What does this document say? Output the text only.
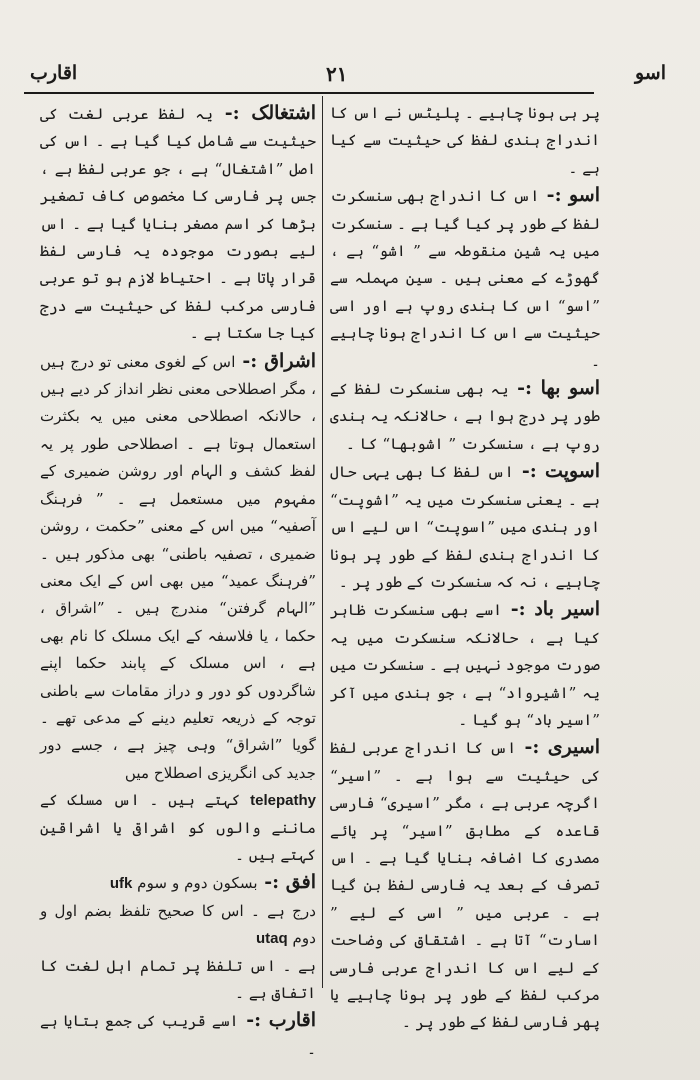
اقارب	۲۱	اسو

پر ہی ہونا چاہیے ۔ پلیٹس نے اس کا اندراج ہندی لفظ کی حیثیت سے کیا ہے ۔

اسو :- اس کا اندراج بھی سنسکرت لفظ کے طور پر کیا گیا ہے ۔ سنسکرت میں یہ شین منقوطہ سے ” اشو“ ہے ، گھوڑے کے معنی ہیں ۔ سین مہملہ سے ”اسو“ اس کا ہندی روپ ہے اور اسی حیثیت سے اس کا اندراج ہونا چاہیے ۔

اسو بھا :- یہ بھی سنسکرت لفظ کے طور پر درج ہوا ہے ، حالانکہ یہ ہندی روپ ہے ، سنسکرت ” اشوبھا“ کا ۔

اسوپت :- اس لفظ کا بھی یہی حال ہے ۔ یعنی سنسکرت میں یہ ”اشوپت“ اور ہندی میں ”اسوپت“ اس لیے اس کا اندراج ہندی لفظ کے طور پر ہونا چاہیے ، نہ کہ سنسکرت کے طور پر ۔

اسیر باد :- اسے بھی سنسکرت ظاہر کیا ہے ، حالانکہ سنسکرت میں یہ صورت موجود نہیں ہے ۔ سنسکرت میں یہ ”اشیرواد“ ہے ، جو ہندی میں آکر ”اسیر باد“ ہو گیا ۔

اسیری :- اس کا اندراج عربی لفظ کی حیثیت سے ہوا ہے ۔ ”اسیر“ اگرچہ عربی ہے ، مگر ”اسیری“ فارسی قاعدہ کے مطابق ”اسیر“ پر یائے مصدری کا اضافہ بنایا گیا ہے ۔ اس تصرف کے بعد یہ فارسی لفظ بن گیا ہے ۔ عربی میں ” اسی کے لیے ” اسارت“ آتا ہے ۔ اشتقاق کی وضاحت کے لیے اس کا اندراج عربی فارسی مرکب لفظ کے طور پر ہونا چاہیے یا پھر فارسی لفظ کے طور پر ۔

اشتغالک :- یہ لفظ عربی لغت کی حیثیت سے شامل کیا گیا ہے ۔ اس کی اصل ”اشتغال“ ہے ، جو عربی لفظ ہے ، جس پر فارسی کا مخصوص کاف تصغیر بڑھا کر اسم مصغر بنایا گیا ہے ۔ اس لیے بصورت موجودہ یہ فارسی لفظ قرار پاتا ہے ۔ احتیاط لازم ہو تو عربی فارسی مرکب لفظ کی حیثیت سے درج کیا جا سکتا ہے ۔

اشراق :- اس کے لغوی معنی تو درج ہیں ، مگر اصطلاحی معنی نظر انداز کر دیے ہیں ، حالانکہ اصطلاحی معنی میں یہ بکثرت استعمال ہوتا ہے ۔ اصطلاحی طور پر یہ لفظ کشف و الہام اور روشن ضمیری کے مفہوم میں مستعمل ہے ۔ ” فرہنگ آصفیہ“ میں اس کے معنی ”حکمت ، روشن ضمیری ، تصفیہ باطنی“ بھی مذکور ہیں ۔ ”فرہنگ عمید“ میں بھی اس کے ایک معنی ”الہام گرفتن“ مندرج ہیں ۔ ”اشراق ، حکما ، یا فلاسفہ کے ایک مسلک کا نام بھی ہے ، اس مسلک کے پابند حکما اپنے شاگردوں کو دور و دراز مقامات سے باطنی توجہ کے ذریعہ تعلیم دینے کے مدعی تھے ۔ گویا ”اشراق“ وہی چیز ہے ، جسے دور جدید کی انگریزی اصطلاح میں

telepathy کہتے ہیں ۔ اس مسلک کے ماننے والوں کو اشراقی یا اشراقین کہتے ہیں ۔

افق :- بسکون دوم و سوم ufk

درج ہے ۔ اس کا صحیح تلفظ بضم اول و دوم utaq

ہے ۔ اس تلفظ پر تمام اہل لغت کا اتفاق ہے ۔

اقارب :- اسے قریب کی جمع بتایا ہے ۔
